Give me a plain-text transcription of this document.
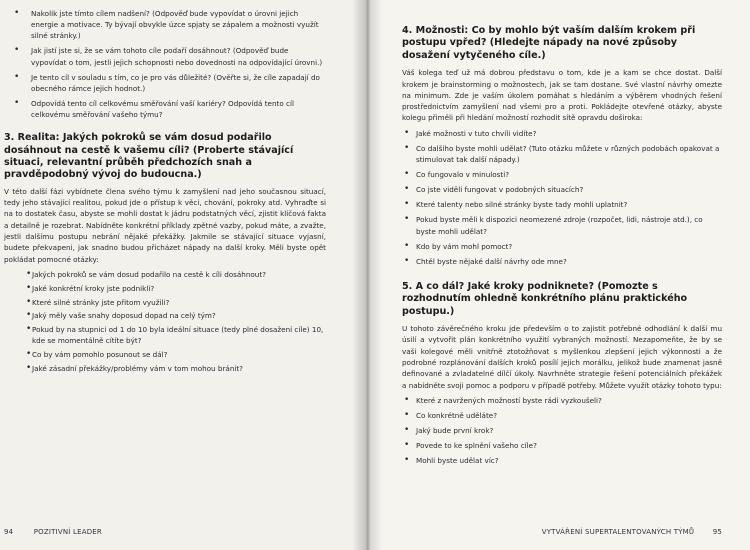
• Nakolik jste tímto cílem nadšení? (Odpověď bude vypovídat o úrovni jejich energie a motivace. Ty bývají obvykle úzce spjaty se zápalem a možnosti využít silné stránky.)
• Jak jistí jste si, že se vám tohoto cíle podaří dosáhnout? (Odpověď bude vypovídat o tom, jestli jejich schopnosti nebo dovednosti na odpovídající úrovni.)
• Je tento cíl v souladu s tím, co je pro vás důležité? (Ověřte si, že cíle zapadají do obecného rámce jejich hodnot.)
• Odpovídá tento cíl celkovému směřování vaší kariéry? Odpovídá tento cíl celkovému směřování vašeho týmu?
3. Realita: Jakých pokroků se vám dosud podařilo dosáhnout na cestě k vašemu cíli? (Proberte stávající situaci, relevantní průběh předchozích snah a pravděpodobný vývoj do budoucna.)

V této další fázi vybídnete člena svého týmu k zamyšlení nad jeho současnou situací, tedy jeho stávající realitou, pokud jde o přístup k věci, chování, pokroky atd. Vyhraďte si na to dostatek času, abyste se mohli dostat k jádru podstatných věcí, zjistit klíčová fakta a detailně je rozebrat. Nabídněte konkrétní příklady zpětné vazby, pokud máte, a zvažte, jestli dalšímu postupu nebrání nějaké překážky. Jakmile se stávající situace vyjasní, budete překvapeni, jak snadno budou přicházet nápady na další kroky. Měli byste opět pokládat pomocné otázky:

• Jakých pokroků se vám dosud podařilo na cestě k cíli dosáhnout?
• Jaké konkrétní kroky jste podnikli?
• Které silné stránky jste přitom využili?
• Jaký měly vaše snahy doposud dopad na celý tým?
• Pokud by na stupnici od 1 do 10 byla ideální situace (tedy plné dosažení cíle) 10, kde se momentálně cítíte být?
• Co by vám pomohlo posunout se dál?
• Jaké zásadní překážky/problémy vám v tom mohou bránit?
94	POZITIVNÍ LEADER
4. Možnosti: Co by mohlo být vaším dalším krokem při postupu vpřed? (Hledejte nápady na nové způsoby dosažení vytyčeného cíle.)

Váš kolega teď už má dobrou představu o tom, kde je a kam se chce dostat. Další krokem je brainstorming o možnostech, jak se tam dostane. Své vlastní návrhy omezte na minimum. Zde je vaším úkolem pomáhat s hledáním a výběrem vhodných řešení prostřednictvím zamyšlení nad všemi pro a proti. Pokládejte otevřené otázky, abyste kolegu přiměli při hledání možností rozhodit sítě opravdu doširoka:

• Jaké možnosti v tuto chvíli vidíte?
• Co dalšího byste mohli udělat? (Tuto otázku můžete v různých podobách opakovat a stimulovat tak další nápady.)
• Co fungovalo v minulosti?
• Co jste viděli fungovat v podobných situacích?
• Které talenty nebo silné stránky byste tady mohli uplatnit?
• Pokud byste měli k dispozici neomezené zdroje (rozpočet, lidi, nástroje atd.), co byste mohli udělat?
• Kdo by vám mohl pomoct?
• Chtěl byste nějaké další návrhy ode mne?
5. A co dál? Jaké kroky podniknete? (Pomozte s rozhodnutím ohledně konkrétního plánu praktického postupu.)

U tohoto závěrečného kroku jde především o to zajistit potřebné odhodlání k další mu úsilí a vytvořit plán konkrétního využití vybraných možností. Nezapomeňte, že by se vaši kolegové měli vnitřně ztotožňovat s myšlenkou zlepšení jejich výkonnosti a že podrobné rozplánování dalších kroků posílí jejich morálku, jelikož bude znamenat jasně definované a zvladatelné dílčí úkoly. Navrhněte strategie řešení potenciálních překážek a nabídněte svoji pomoc a podporu v případě potřeby. Můžete využít otázky tohoto typu:

• Které z navržených možností byste rádi vyzkoušeli?
• Co konkrétně uděláte?
• Jaký bude první krok?
• Povede to ke splnění vašeho cíle?
• Mohli byste udělat víc?
VYTVÁŘENÍ SUPERTALENTOVANÝCH TÝMŮ	95
